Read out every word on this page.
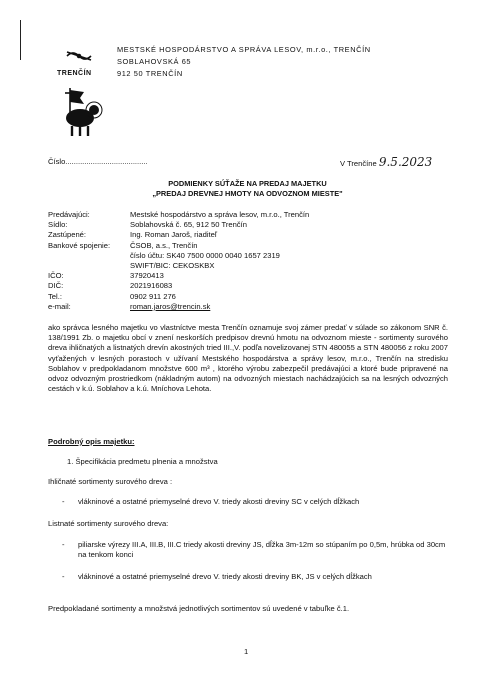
TRENČÍN
MESTSKÉ HOSPODÁRSTVO A SPRÁVA LESOV, m.r.o., TRENČÍN
SOBLAHOVSKÁ 65
912 50 TRENČÍN
Číslo.......................................	V Trenčíne 9.5.2023
PODMIENKY SÚŤAŽE NA PREDAJ MAJETKU
„PREDAJ DREVNEJ HMOTY NA ODVOZNOM MIESTE"
Predávajúci:	Mestské hospodárstvo a správa lesov, m.r.o., Trenčín
Sídlo:	Soblahovská č. 65, 912 50 Trenčín
Zastúpené:	Ing. Roman Jaroš, riaditeľ
Bankové spojenie:	ČSOB, a.s., Trenčín
číslo účtu: SK40 7500 0000 0040 1657 2319
SWIFT/BIC: CEKOSKBX
IČO:	37920413
DIČ:	2021916083
Tel.:	0902 911 276
e-mail:	roman.jaros@trencin.sk
ako správca lesného majetku vo vlastníctve mesta Trenčín oznamuje svoj zámer predať v súlade so zákonom SNR č. 138/1991 Zb. o majetku obcí v znení neskorších predpisov drevnú hmotu na odvoznom mieste - sortimenty surového dreva ihličnatých a listnatých drevín akostných tried III.,V. podľa novelizovanej STN 480055 a STN 480056 z roku 2007 vyťažených v lesných porastoch v užívaní Mestského hospodárstva a správy lesov, m.r.o., Trenčín na stredisku Soblahov v predpokladanom množstve 600 m³ , ktorého výrobu zabezpečil predávajúci a ktoré bude pripravené na odvoz odvozným prostriedkom (nákladným autom) na odvozných miestach nachádzajúcich sa na lesných odvozných cestách v k.ú. Soblahov a k.ú. Mníchova Lehota.
Podrobný opis majetku:
1. Špecifikácia predmetu plnenia a množstva
Ihličnaté sortimenty surového dreva :
- vlákninové a ostatné priemyselné drevo V. triedy akosti dreviny SC v celých dĺžkach
Listnaté sortimenty surového dreva:
-	piliarske výrezy III.A, III.B, III.C triedy akosti dreviny JS, dĺžka 3m-12m so stúpaním po 0,5m, hrúbka od 30cm na tenkom konci
- vlákninové a ostatné priemyselné drevo V. triedy akosti dreviny BK, JS v celých dĺžkach
Predpokladané sortimenty a množstvá jednotlivých sortimentov sú uvedené v tabuľke č.1.
1
